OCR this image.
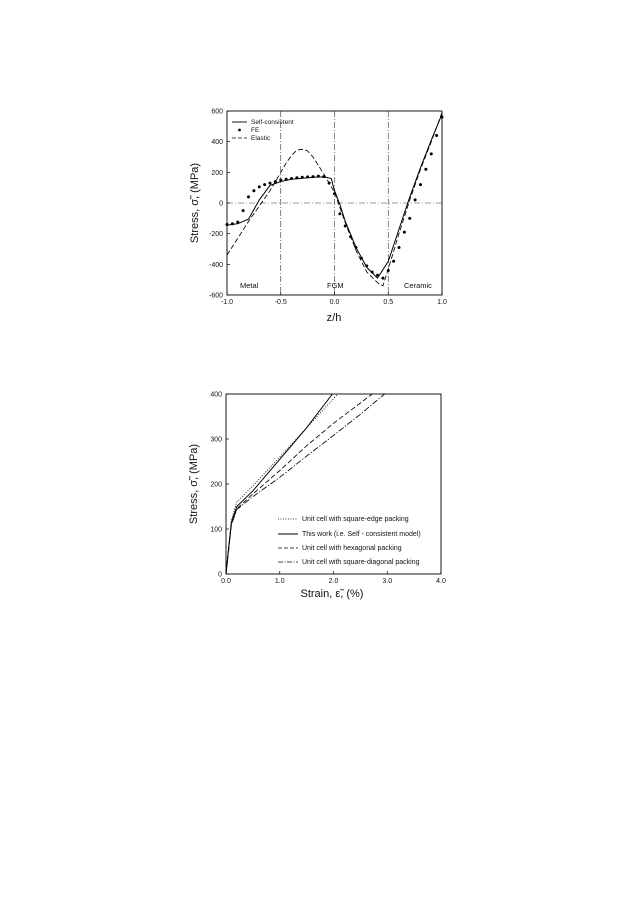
-1.0	-0.5	0.0	0.5	1.0
-600
-400
-200
0
200
400
600
Self-consistent
FE
Elastic
Metal	FGM	Ceramic
z/h
Stress, σ̃, (MPa)
0.0	1.0	2.0	3.0	4.0
0
100
200
300
400
Unit cell with square-edge packing
This work (i.e. Self - consistent model)
Unit cell with hexagonal packing
Unit cell with square-diagonal packing
Strain, ε̃, (%)
Stress, σ̃, (MPa)
